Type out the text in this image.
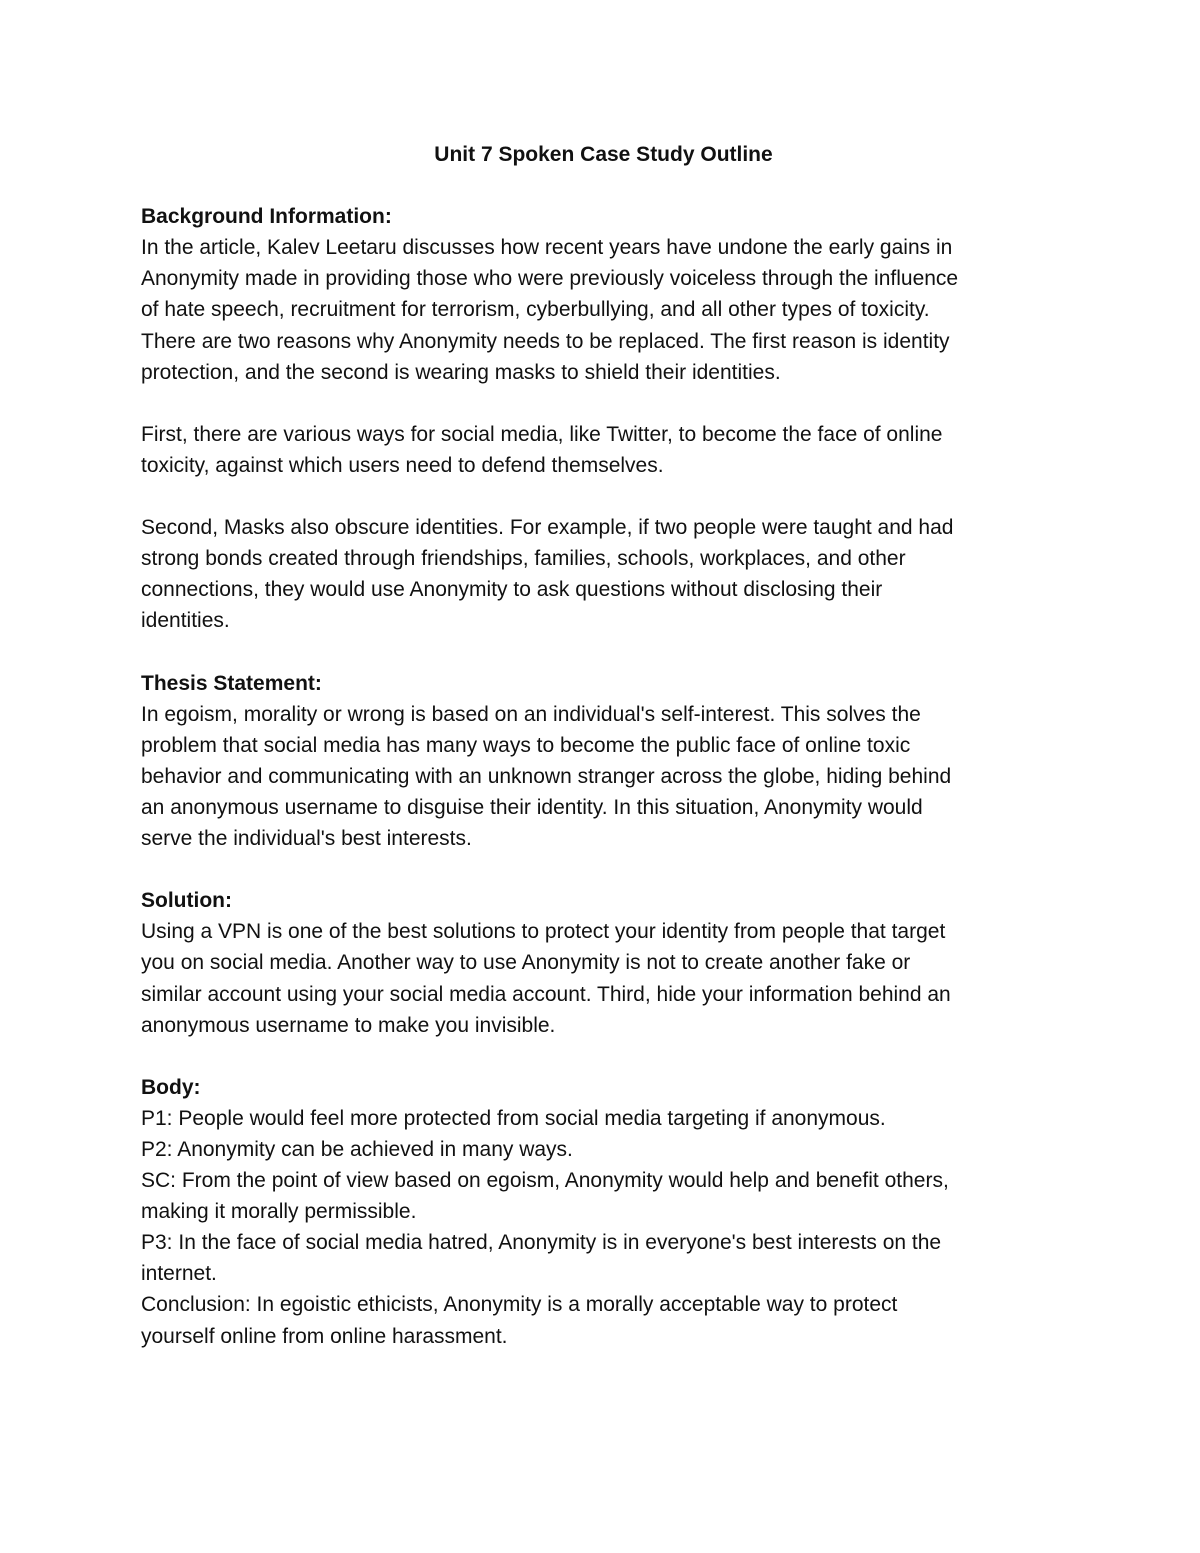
Unit 7 Spoken Case Study Outline
Background Information:

In the article, Kalev Leetaru discusses how recent years have undone the early gains in
Anonymity made in providing those who were previously voiceless through the influence
of hate speech, recruitment for terrorism, cyberbullying, and all other types of toxicity.
There are two reasons why Anonymity needs to be replaced. The first reason is identity
protection, and the second is wearing masks to shield their identities.

First, there are various ways for social media, like Twitter, to become the face of online
toxicity, against which users need to defend themselves.

Second, Masks also obscure identities. For example, if two people were taught and had
strong bonds created through friendships, families, schools, workplaces, and other
connections, they would use Anonymity to ask questions without disclosing their
identities.

Thesis Statement:

In egoism, morality or wrong is based on an individual's self-interest. This solves the
problem that social media has many ways to become the public face of online toxic
behavior and communicating with an unknown stranger across the globe, hiding behind
an anonymous username to disguise their identity. In this situation, Anonymity would
serve the individual's best interests.

Solution:

Using a VPN is one of the best solutions to protect your identity from people that target
you on social media. Another way to use Anonymity is not to create another fake or
similar account using your social media account. Third, hide your information behind an
anonymous username to make you invisible.

Body:

P1: People would feel more protected from social media targeting if anonymous.
P2: Anonymity can be achieved in many ways.
SC: From the point of view based on egoism, Anonymity would help and benefit others,
making it morally permissible.
P3: In the face of social media hatred, Anonymity is in everyone's best interests on the
internet.
Conclusion: In egoistic ethicists, Anonymity is a morally acceptable way to protect
yourself online from online harassment.
